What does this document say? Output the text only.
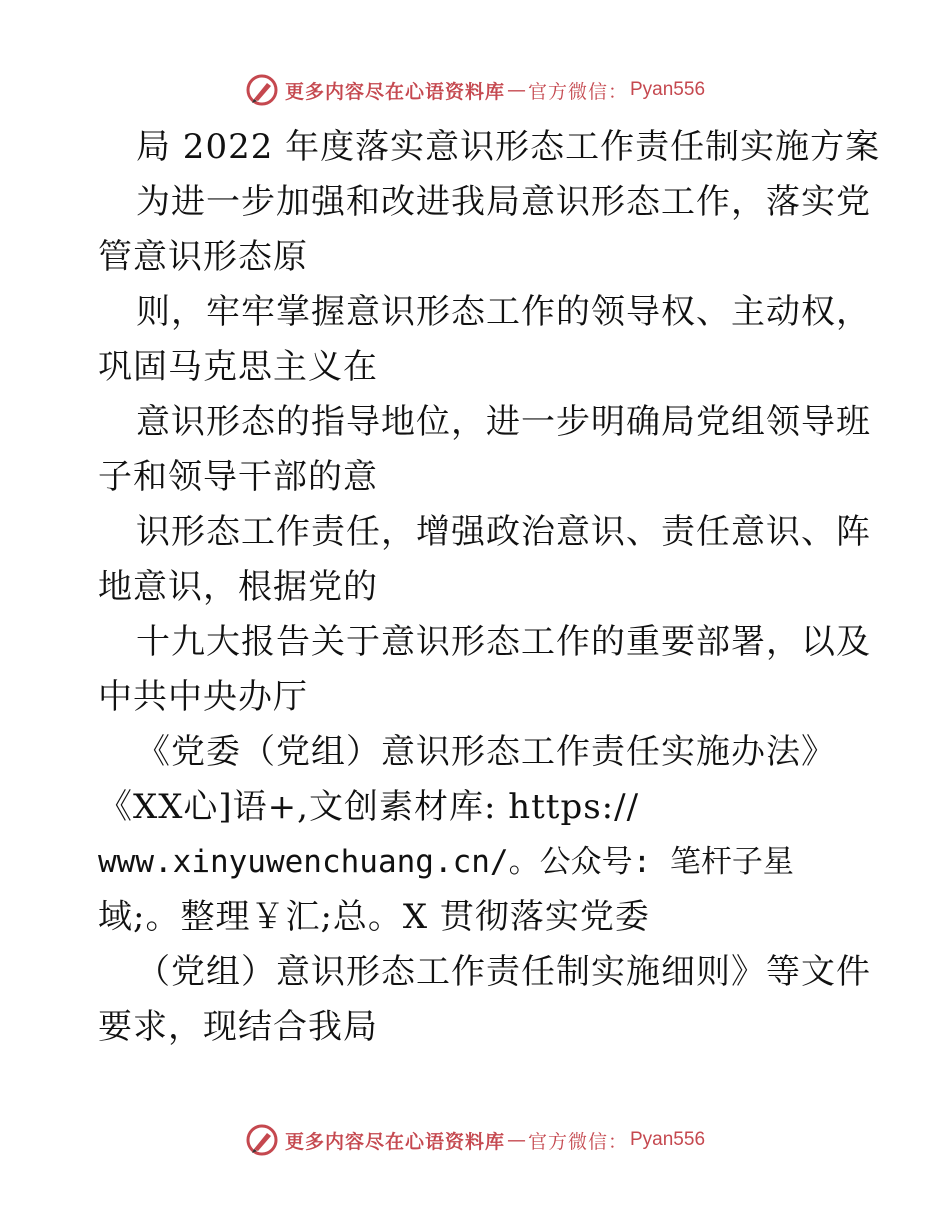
更多内容尽在心语资料库 — 官方微信： Pyan556
局 2022 年度落实意识形态工作责任制实施方案
为进一步加强和改进我局意识形态工作，落实党
管意识形态原
则，牢牢掌握意识形态工作的领导权、主动权，
巩固马克思主义在
意识形态的指导地位，进一步明确局党组领导班
子和领导干部的意
识形态工作责任，增强政治意识、责任意识、阵
地意识，根据党的
十九大报告关于意识形态工作的重要部署，以及
中共中央办厅
《党委（党组）意识形态工作责任实施办法》
《XX心]语+,文创素材库: https://
www.xinyuwenchuang.cn/。公众号: 笔杆子星
域;。整理￥汇;总。X 贯彻落实党委
（党组）意识形态工作责任制实施细则》等文件
要求，现结合我局
更多内容尽在心语资料库 — 官方微信： Pyan556
